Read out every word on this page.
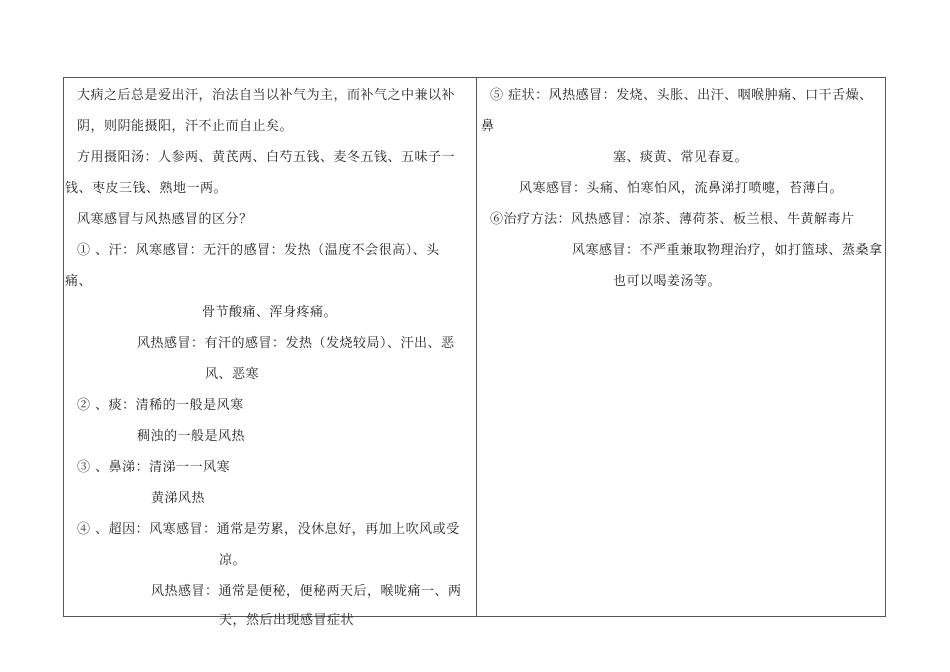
大病之后总是爱出汗，治法自当以补气为主，而补气之中兼以补
阴，则阴能摄阳，汗不止而自止矣。
方用摄阳汤：人参两、黄芪两、白芍五钱、麦冬五钱、五味子一
钱、枣皮三钱、熟地一两。
风寒感冒与风热感冒的区分？
① 、汗：风寒感冒：无汗的感冒：发热（温度不会很高）、头
痛、
骨节酸痛、浑身疼痛。
风热感冒：有汗的感冒：发热（发烧较局）、汗出、恶
风、恶寒
② 、痰：清稀的一般是风寒
稠浊的一般是风热
③ 、鼻涕：清涕一一风寒
黄涕风热
④ 、超因：风寒感冒：通常是劳累，没休息好，再加上吹风或受
凉。
风热感冒：通常是便秘，便秘两天后，喉咙痛一、两
天，然后出现感冒症状
⑤ 症状：风热感冒：发烧、头胀、出汗、咽喉肿痛、口干舌燥、
鼻
塞、痰黄、常见春夏。
风寒感冒：头痛、怕寒怕风，流鼻涕打喷嚏，苔薄白。
⑥治疗方法：风热感冒：凉茶、薄荷茶、板兰根、牛黄解毒片
风寒感冒：不严重兼取物理治疗，如打篮球、蒸桑拿
也可以喝姜汤等。
